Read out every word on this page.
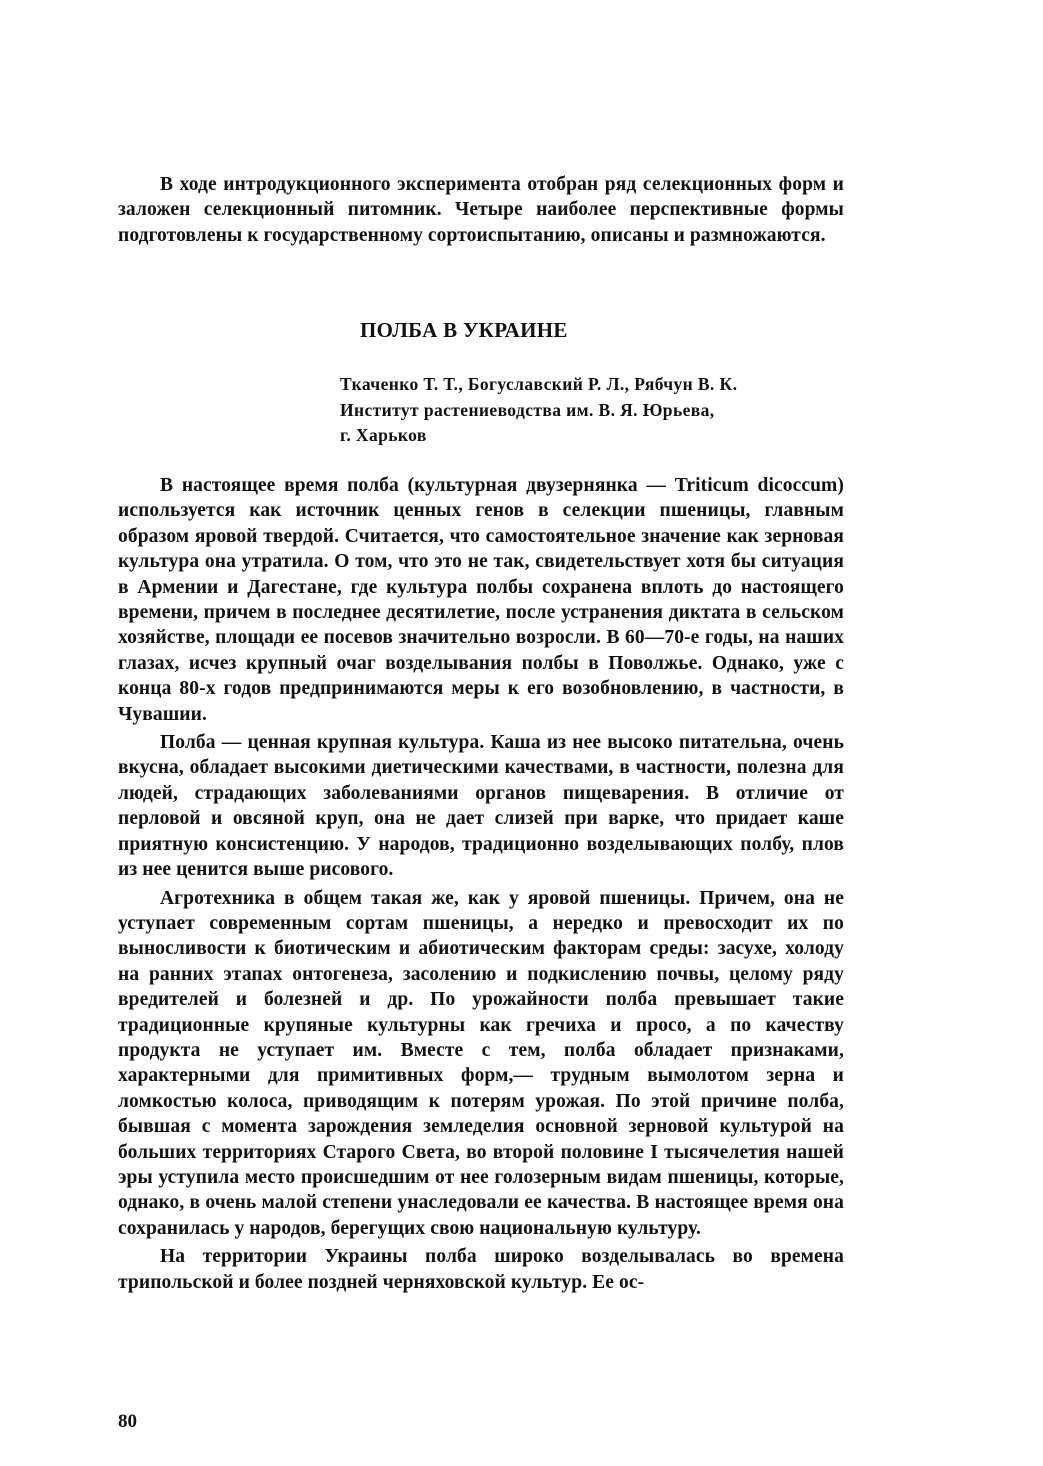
В ходе интродукционного эксперимента отобран ряд селекционных форм и заложен селекционный питомник. Четыре наиболее перспективные формы подготовлены к государственному сортоиспытанию, описаны и размножаются.

ПОЛБА В УКРАИНЕ
Ткаченко Т. Т., Богуславский Р. Л., Рябчун В. К.
Институт растениеводства им. В. Я. Юрьева,
г. Харьков

В настоящее время полба (культурная двузернянка — Triticum dicoccum) используется как источник ценных генов в селекции пшеницы, главным образом яровой твердой. Считается, что самостоятельное значение как зерновая культура она утратила. О том, что это не так, свидетельствует хотя бы ситуация в Армении и Дагестане, где культура полбы сохранена вплоть до настоящего времени, причем в последнее десятилетие, после устранения диктата в сельском хозяйстве, площади ее посевов значительно возросли. В 60—70-е годы, на наших глазах, исчез крупный очаг возделывания полбы в Поволжье. Однако, уже с конца 80-х годов предпринимаются меры к его возобновлению, в частности, в Чувашии.

Полба — ценная крупная культура. Каша из нее высоко питательна, очень вкусна, обладает высокими диетическими качествами, в частности, полезна для людей, страдающих заболеваниями органов пищеварения. В отличие от перловой и овсяной круп, она не дает слизей при варке, что придает каше приятную консистенцию. У народов, традиционно возделывающих полбу, плов из нее ценится выше рисового.

Агротехника в общем такая же, как у яровой пшеницы. Причем, она не уступает современным сортам пшеницы, а нередко и превосходит их по выносливости к биотическим и абиотическим факторам среды: засухе, холоду на ранних этапах онтогенеза, засолению и подкислению почвы, целому ряду вредителей и болезней и др. По урожайности полба превышает такие традиционные крупяные культурны как гречиха и просо, а по качеству продукта не уступает им. Вместе с тем, полба обладает признаками, характерными для примитивных форм,— трудным вымолотом зерна и ломкостью колоса, приводящим к потерям урожая. По этой причине полба, бывшая с момента зарождения земледелия основной зерновой культурой на больших территориях Старого Света, во второй половине I тысячелетия нашей эры уступила место происшедшим от нее голозерным видам пшеницы, которые, однако, в очень малой степени унаследовали ее качества. В настоящее время она сохранилась у народов, берегущих свою национальную культуру.

На территории Украины полба широко возделывалась во времена трипольской и более поздней черняховской культур. Ее ос-

80
